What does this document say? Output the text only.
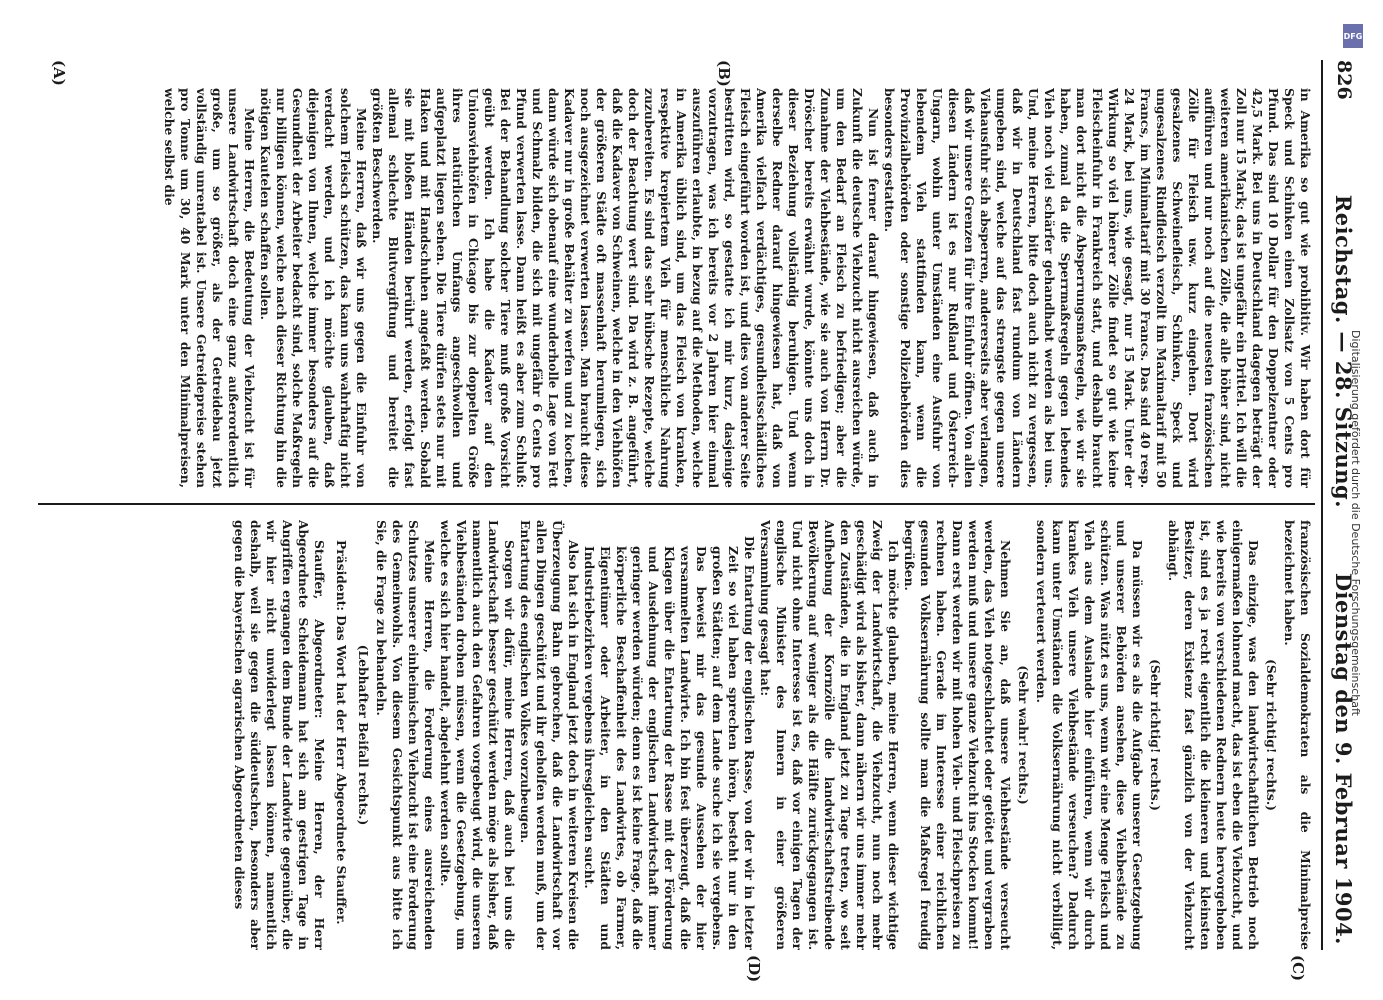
826
Reichstag. — 28. Sitzung.
Dienstag den 9. Februar 1904.
(A)	(B)
(C)
(D)

in Amerika so gut wie prohibitiv. Wir haben dort für Speck und Schinken einen Zollsatz von 5 Cents pro Pfund. Das sind 10 Dollar für den Doppelzentner oder 42,5 Mark. Bei uns in Deutschland dagegen beträgt der Zoll nur 15 Mark; das ist ungefähr ein Drittel. Ich will die weiteren amerikanischen Zölle, die alle höher sind, nicht aufführen und nur noch auf die neuesten französischen Zölle für Fleisch usw. kurz eingehen. Dort wird gesalzenes Schweinefleisch, Schinken, Speck und ungesalzenes Rindfleisch verzollt im Maximaltarif mit 50 Francs, im Minimaltarif mit 30 Francs. Das sind 40 resp. 24 Mark, bei uns, wie gesagt, nur 15 Mark. Unter der Wirkung so viel höherer Zölle findet so gut wie keine Fleischeinfuhr in Frankreich statt, und deshalb braucht man dort nicht die Absperrungsmaßregeln, wie wir sie haben, zumal da die Sperrmaßregeln gegen lebendes Vieh noch viel schärfer gehandhabt werden als bei uns. Und, meine Herren, bitte doch auch nicht zu vergessen, daß wir in Deutschland fast rundum von Ländern umgeben sind, welche auf das strengste gegen unsere Viehausfuhr sich absperren, andererseits aber verlangen, daß wir unsere Grenzen für ihre Einfuhr öffnen. Von allen diesen Ländern ist es nur Rußland und Österreich-Ungarn, wohin unter Umständen eine Ausfuhr von lebendem Vieh stattfinden kann, wenn die Provinzialbehörden oder sonstige Polizeibehörden dies besonders gestatten.

Nun ist ferner darauf hingewiesen, daß auch in Zukunft die deutsche Viehzucht nicht ausreichen würde, um den Bedarf an Fleisch zu befriedigen; aber die Zunahme der Viehbestände, wie sie auch von Herrn Dr. Dröscher bereits erwähnt wurde, könnte uns doch in dieser Beziehung vollständig beruhigen. Und wenn derselbe Redner darauf hingewiesen hat, daß von Amerika vielfach verdächtiges, gesundheitsschädliches Fleisch eingeführt worden ist, und dies von anderer Seite bestritten wird, so gestatte ich mir kurz, dasjenige vorzutragen, was ich bereits vor 2 Jahren hier einmal auszuführen erlaubte, in bezug auf die Methoden, welche in Amerika üblich sind, um das Fleisch von kranken, respektive krepiertem Vieh für menschliche Nahrung zuzubereiten. Es sind das sehr hübsche Rezepte, welche doch der Beachtung wert sind. Da wird z. B. angeführt, daß die Kadaver von Schweinen, welche in den Viehhöfen der größeren Städte oft massenhaft herumliegen, sich noch ausgezeichnet verwerten lassen. Man braucht diese Kadaver nur in große Behälter zu werfen und zu kochen, dann würde sich obenauf eine wunderholle Lage von Fett und Schmalz bilden, die sich mit ungefähr 6 Cents pro Pfund verwerten lasse. Dann heißt es aber zum Schluß: Bei der Behandlung solcher Tiere muß große Vorsicht geübt werden. Ich habe die Kadaver auf den Unionsviehhöfen in Chicago bis zur doppelten Größe ihres natürlichen Umfangs angeschwollen und aufgeplatzt liegen sehen. Die Tiere dürfen stets nur mit Haken und mit Handschuhen angefaßt werden. Sobald sie mit bloßen Händen berührt werden, erfolgt fast allemal schlechte Blutvergiftung und bereitet die größten Beschwerden.

Meine Herren, daß wir uns gegen die Einfuhr von solchem Fleisch schützen, das kann uns wahrhaftig nicht verdacht werden, und ich möchte glauben, daß diejenigen von Ihnen, welche immer besonders auf die Gesundheit der Arbeiter bedacht sind, solche Maßregeln nur billigen können, welche nach dieser Richtung hin die nötigen Kautelen schaffen sollen.

Meine Herren, die Bedeutung der Viehzucht ist für unsere Landwirtschaft doch eine ganz außerordentlich große, um so größer, als der Getreidebau jetzt vollständig unrentabel ist. Unsere Getreidepreise stehen pro Tonne um 30, 40 Mark unter den Minimalpreisen, welche selbst die

französischen Sozialdemokraten als die Minimalpreise bezeichnet haben.

(Sehr richtig! rechts.)

Das einzige, was den landwirtschaftlichen Betrieb noch einigermaßen lohnend macht, das ist eben die Viehzucht, und wie bereits von verschiedenen Rednern heute hervorgehoben ist, sind es ja recht eigentlich die kleineren und kleinsten Besitzer, deren Existenz fast gänzlich von der Viehzucht abhängt.

(Sehr richtig! rechts.)

Da müssen wir es als die Aufgabe unserer Gesetzgebung und unserer Behörden ansehen, diese Viehbestände zu schützen. Was nützt es uns, wenn wir eine Menge Fleisch und Vieh aus dem Auslande hier einführen, wenn wir durch krankes Vieh unsere Viehbestände verseuchen? Dadurch kann unter Umständen die Volksernährung nicht verbilligt, sondern verteuert werden.

(Sehr wahr! rechts.)

Nehmen Sie an, daß unsere Viehbestände verseucht werden, das Vieh notgeschlachtet oder getötet und vergraben werden muß und unsere ganze Viehzucht ins Stocken kommt! Dann erst werden wir mit hohen Vieh- und Fleischpreisen zu rechnen haben. Gerade im Interesse einer reichlichen gesunden Volksernährung sollte man die Maßregel freudig begrüßen.

Ich möchte glauben, meine Herren, wenn dieser wichtige Zweig der Landwirtschaft, die Viehzucht, nun noch mehr geschädigt wird als bisher, dann nähern wir uns immer mehr den Zuständen, die in England jetzt zu Tage treten, wo seit Aufhebung der Kornzölle die landwirtschaftstreibende Bevölkerung auf weniger als die Hälfte zurückgegangen ist. Und nicht ohne Interesse ist es, daß vor einigen Tagen der englische Minister des Innern in einer größeren Versammlung gesagt hat:

Die Entartung der englischen Rasse, von der wir in letzter Zeit so viel haben sprechen hören, besteht nur in den großen Städten; auf dem Lande suche ich sie vergebens. Das beweist mir das gesunde Aussehen der hier versammelten Landwirte. Ich bin fest überzeugt, daß die Klagen über die Entartung der Rasse mit der Förderung und Ausdehnung der englischen Landwirtschaft immer geringer werden würden; denn es ist keine Frage, daß die körperliche Beschaffenheit des Landwirtes, ob Farmer, Eigentümer oder Arbeiter, in den Städten und Industriebezirken vergebens ihresgleichen sucht.

Also hat sich in England jetzt doch in weiteren Kreisen die Überzeugung Bahn gebrochen, daß die Landwirtschaft vor allen Dingen geschützt und ihr geholfen werden muß, um der Entartung des englischen Volkes vorzubeugen.

Sorgen wir dafür, meine Herren, daß auch bei uns die Landwirtschaft besser geschützt werden möge als bisher, daß namentlich auch den Gefahren vorgebeugt wird, die unseren Viehbeständen drohen müssen, wenn die Gesetzgebung, um welche es sich hier handelt, abgelehnt werden sollte.

Meine Herren, die Forderung eines ausreichenden Schutzes unserer einheimischen Viehzucht ist eine Forderung des Gemeinwohls. Von diesem Gesichtspunkt aus bitte ich Sie, die Frage zu behandeln.

(Lebhafter Beifall rechts.)

Präsident: Das Wort hat der Herr Abgeordnete Stauffer.

Stauffer, Abgeordneter: Meine Herren, der Herr Abgeordnete Scheidemann hat sich am gestrigen Tage in Angriffen ergangen dem Bunde der Landwirte gegenüber, die wir hier nicht unwiderlegt lassen können, namentlich deshalb, weil sie gegen die süddeutschen, besonders aber gegen die bayerischen agrarischen Abgeordneten dieses

DFG
Digitalisierung gefördert durch die Deutsche Forschungsgemeinschaft
